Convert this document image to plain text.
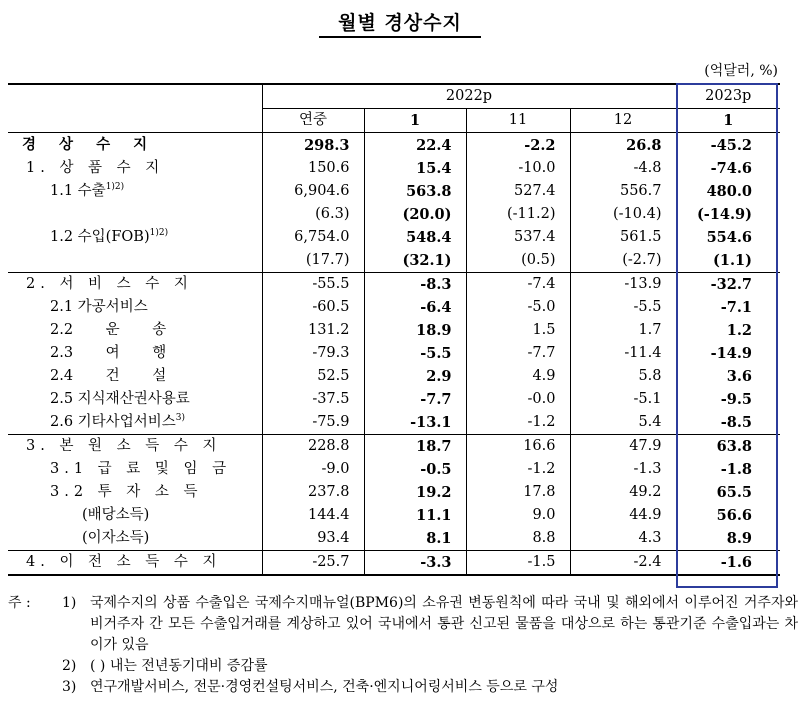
월별 경상수지
(억달러, %)
	2022p				2023p
	연중	1	11	12	1
경 상 수 지	298.3	22.4	-2.2	26.8	-45.2
1. 상 품 수 지	150.6	15.4	-10.0	-4.8	-74.6
1.1 수출$^{1)2)}$	6,904.6	563.8	527.4	556.7	480.0
	(6.3)	(20.0)	(-11.2)	(-10.4)	(-14.9)
1.2 수입(FOB)$^{1)2)}$	6,754.0	548.4	537.4	561.5	554.6
	(17.7)	(32.1)	(0.5)	(-2.7)	(1.1)
2. 서 비 스 수 지	-55.5	-8.3	-7.4	-13.9	-32.7
2.1 가공서비스	-60.5	-6.4	-5.0	-5.5	-7.1
2.2 운 송	131.2	18.9	1.5	1.7	1.2
2.3 여 행	-79.3	-5.5	-7.7	-11.4	-14.9
2.4 건 설	52.5	2.9	4.9	5.8	3.6
2.5 지식재산권사용료	-37.5	-7.7	-0.0	-5.1	-9.5
2.6 기타사업서비스$^{3)}$	-75.9	-13.1	-1.2	5.4	-8.5
3. 본 원 소 득 수 지	228.8	18.7	16.6	47.9	63.8
3.1 급 료 및 임 금	-9.0	-0.5	-1.2	-1.3	-1.8
3.2 투 자 소 득	237.8	19.2	17.8	49.2	65.5
(배당소득)	144.4	11.1	9.0	44.9	56.6
(이자소득)	93.4	8.1	8.8	4.3	8.9
4. 이 전 소 득 수 지	-25.7	-3.3	-1.5	-2.4	-1.6
주 :	1) 국제수지의 상품 수출입은 국제수지매뉴얼(BPM6)의 소유권 변동원칙에 따라 국내 및 해외에서 이루어진 거주자와 비거주자 간 모든 수출입거래를 계상하고 있어 국내에서 통관 신고된 물품을 대상으로 하는 통관기준 수출입과는 차이가 있음
2) ( ) 내는 전년동기대비 증감률
3) 연구개발서비스, 전문·경영컨설팅서비스, 건축·엔지니어링서비스 등으로 구성
